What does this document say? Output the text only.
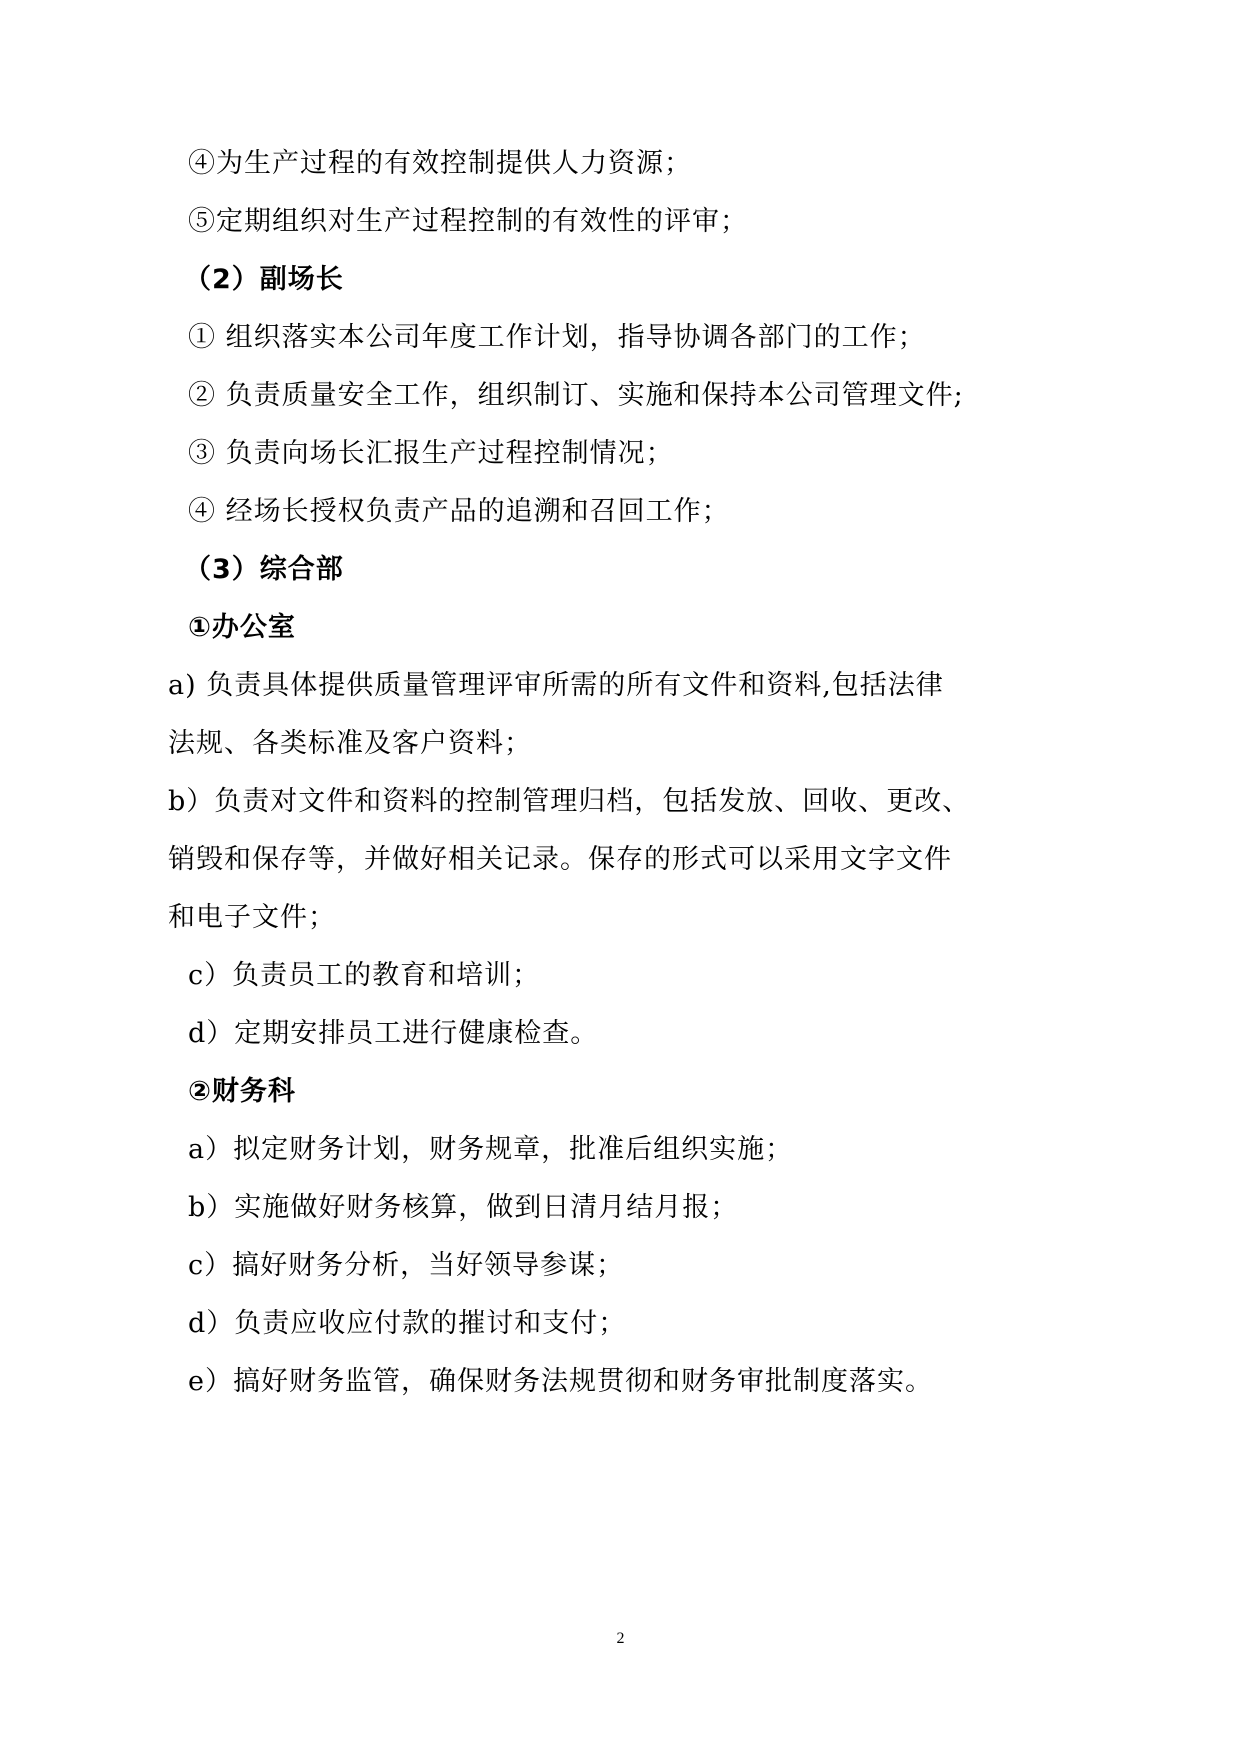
④为生产过程的有效控制提供人力资源；

⑤定期组织对生产过程控制的有效性的评审；

（2）副场长

① 组织落实本公司年度工作计划，指导协调各部门的工作；

② 负责质量安全工作，组织制订、实施和保持本公司管理文件;

③ 负责向场长汇报生产过程控制情况；

④ 经场长授权负责产品的追溯和召回工作；

（3）综合部

①办公室

a) 负责具体提供质量管理评审所需的所有文件和资料,包括法律

法规、各类标准及客户资料；

b）负责对文件和资料的控制管理归档，包括发放、回收、更改、

销毁和保存等，并做好相关记录。保存的形式可以采用文字文件

和电子文件；

c）负责员工的教育和培训；

d）定期安排员工进行健康检查。

②财务科

a）拟定财务计划，财务规章，批准后组织实施；

b）实施做好财务核算，做到日清月结月报；

c）搞好财务分析，当好领导参谋；

d）负责应收应付款的摧讨和支付；

e）搞好财务监管，确保财务法规贯彻和财务审批制度落实。

2
